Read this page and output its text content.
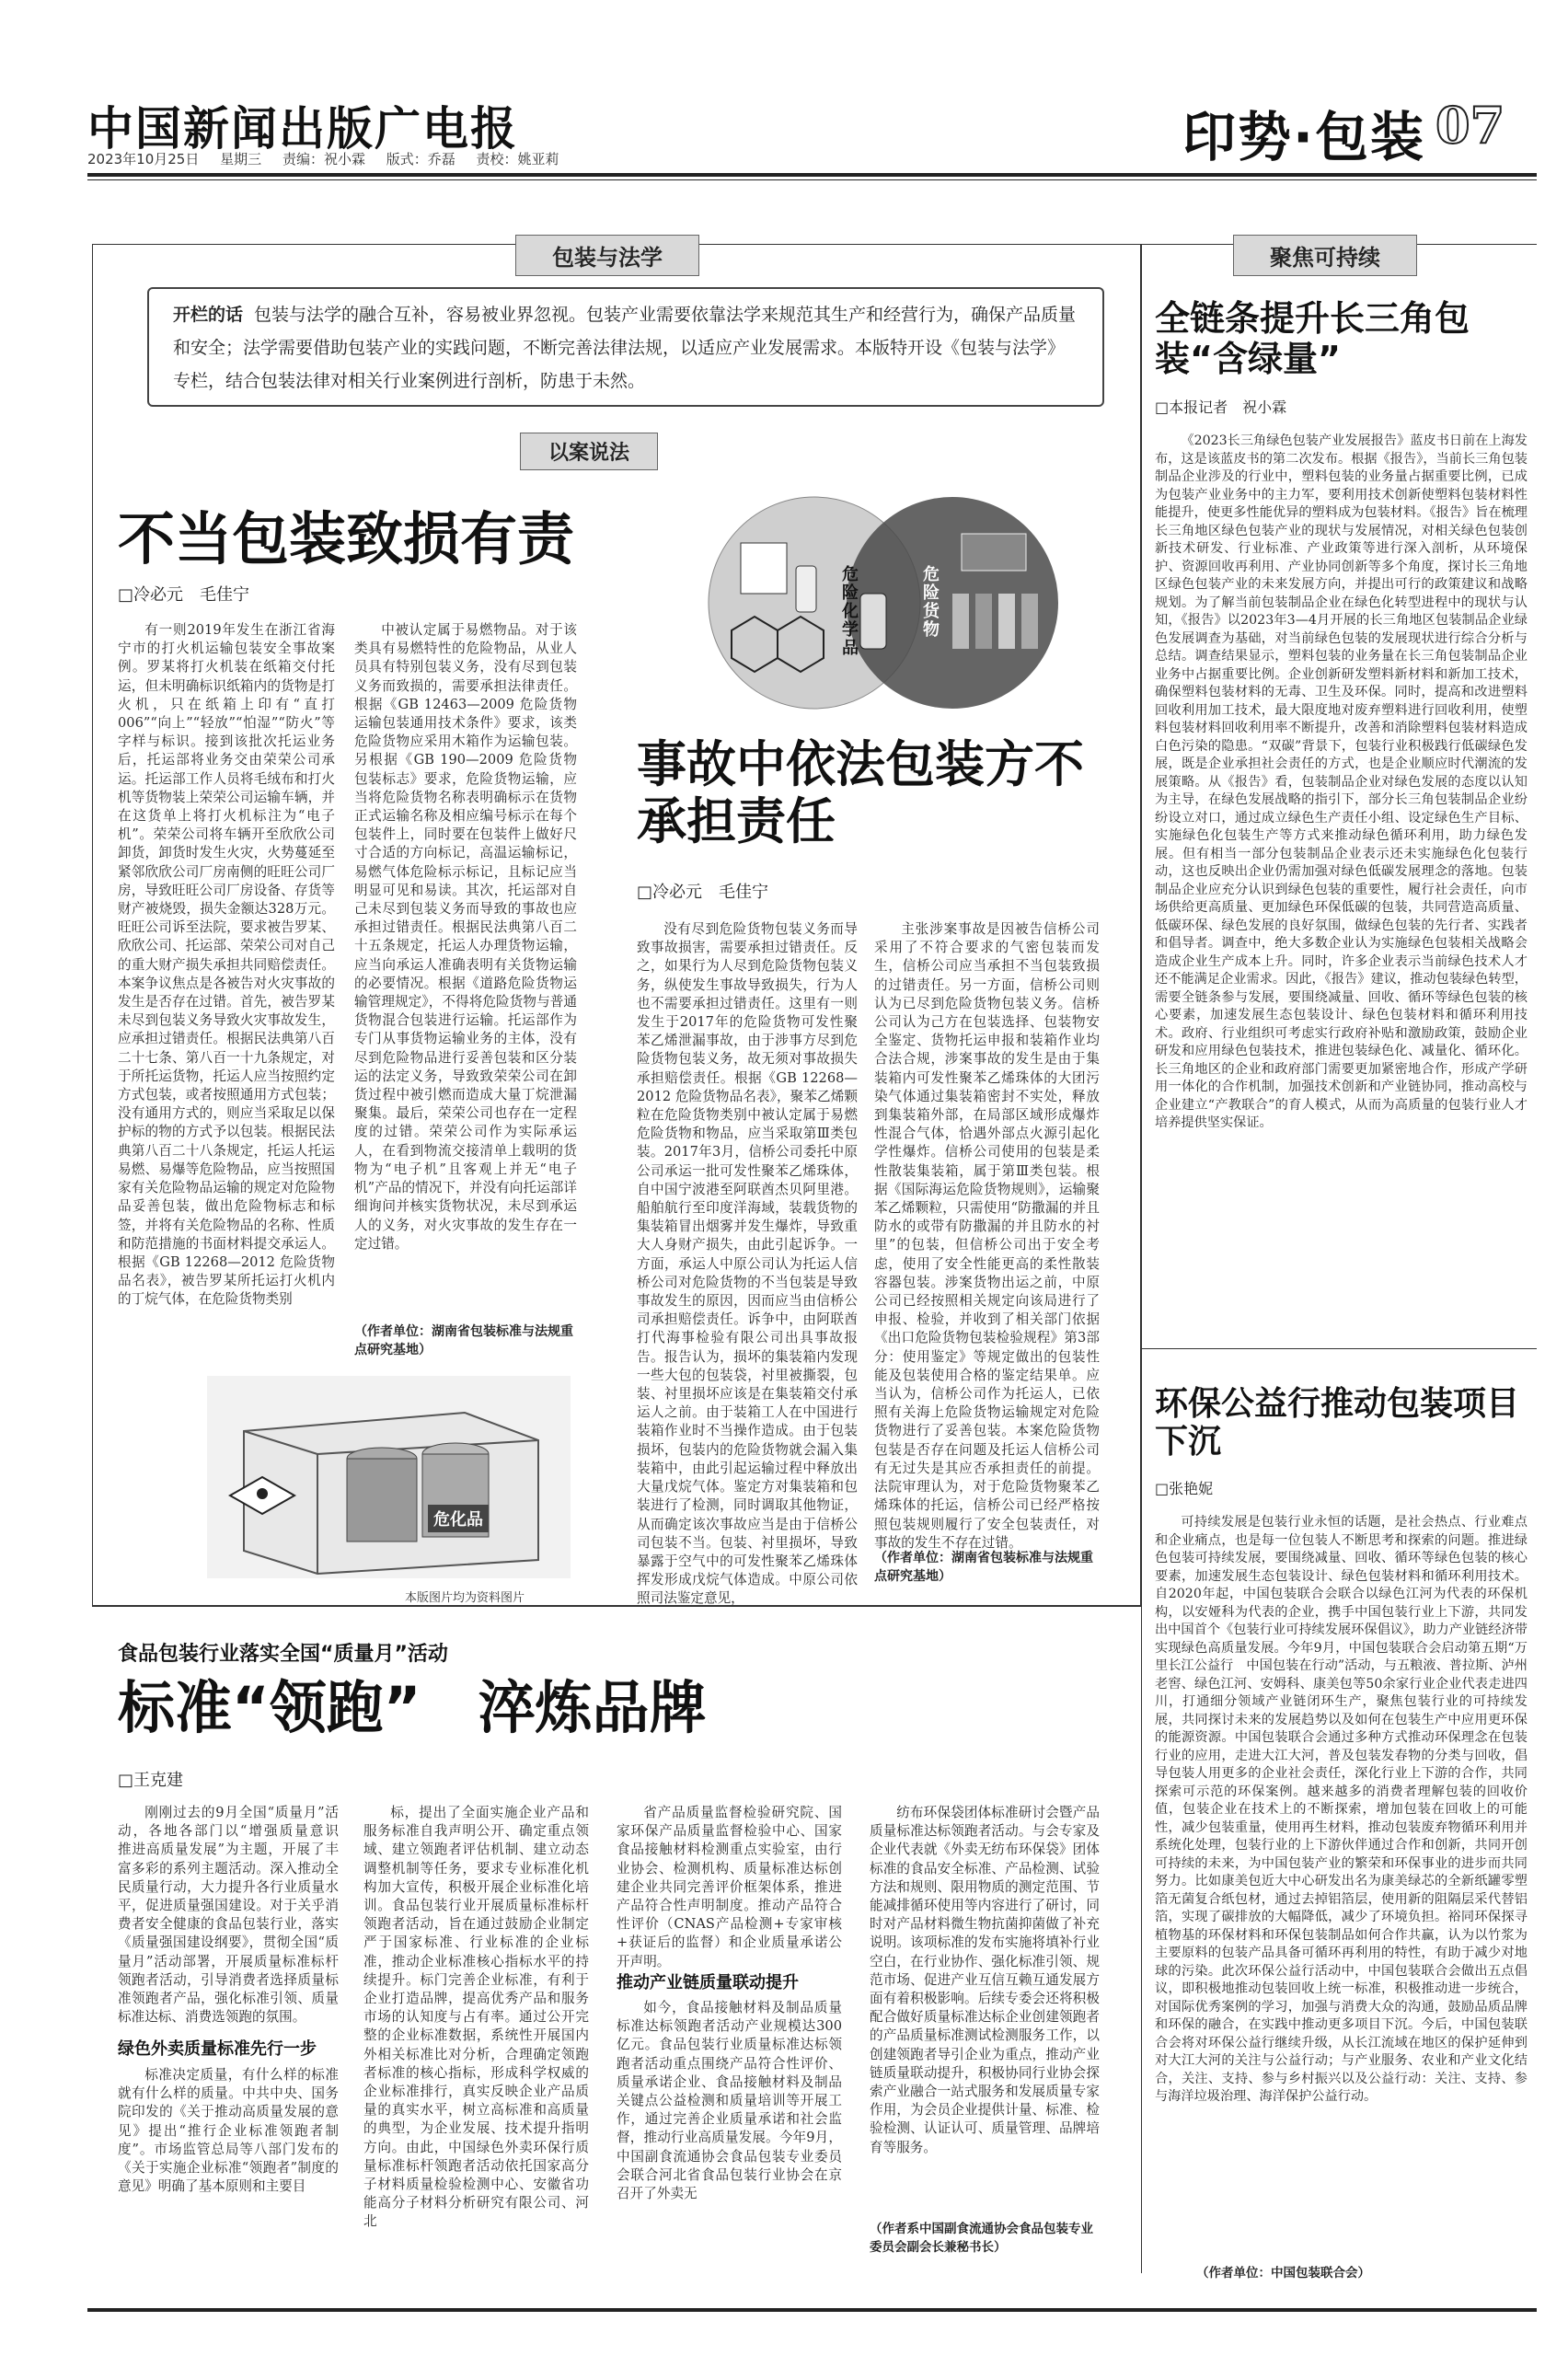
中国新闻出版广电报
2023年10月25日 星期三 责编：祝小霖 版式：乔磊 责校：姚亚莉	印势·包装 07
包装与法学
开栏的话 包装与法学的融合互补，容易被业界忽视。包装产业需要依靠法学来规范其生产和经营行为，确保产品质量和安全；法学需要借助包装产业的实践问题，不断完善法律法规，以适应产业发展需求。本版特开设《包装与法学》专栏，结合包装法律对相关行业案例进行剖析，防患于未然。
以案说法
不当包装致损有责
□冷必元　毛佳宁

有一则2019年发生在浙江省海宁市的打火机运输包装安全事故案例。罗某将打火机装在纸箱交付托运，但未明确标识纸箱内的货物是打火机，只在纸箱上印有“直打006”“向上”“轻放”“怕湿”“防火”等字样与标识。接到该批次托运业务后，托运部将业务交由荣荣公司承运。托运部工作人员将毛绒布和打火机等货物装上荣荣公司运输车辆，并在这货单上将打火机标注为“电子机”。荣荣公司将车辆开至欣欣公司卸货，卸货时发生火灾，火势蔓延至紧邻欣欣公司厂房南侧的旺旺公司厂房，导致旺旺公司厂房设备、存货等财产被烧毁，损失金额达328万元。旺旺公司诉至法院，要求被告罗某、欣欣公司、托运部、荣荣公司对自己的重大财产损失承担共同赔偿责任。本案争议焦点是各被告对火灾事故的发生是否存在过错。首先，被告罗某未尽到包装义务导致火灾事故发生，应承担过错责任。根据民法典第八百二十七条、第八百一十九条规定，对于所托运货物，托运人应当按照约定方式包装，或者按照通用方式包装；没有通用方式的，则应当采取足以保护标的物的方式予以包装。根据民法典第八百二十八条规定，托运人托运易燃、易爆等危险物品，应当按照国家有关危险物品运输的规定对危险物品妥善包装，做出危险物标志和标签，并将有关危险物品的名称、性质和防范措施的书面材料提交承运人。根据《GB 12268—2012 危险货物品名表》，被告罗某所托运打火机内的丁烷气体，在危险货物类别

中被认定属于易燃物品。对于该类具有易燃特性的危险物品，从业人员具有特别包装义务，没有尽到包装义务而致损的，需要承担法律责任。根据《GB 12463—2009 危险货物运输包装通用技术条件》要求，该类危险货物应采用木箱作为运输包装。另根据《GB 190—2009 危险货物包装标志》要求，危险货物运输，应当将危险货物名称表明确标示在货物正式运输名称及相应编号标示在每个包装件上，同时要在包装件上做好尺寸合适的方向标记，高温运输标记，易燃气体危险标示标记，且标记应当明显可见和易读。其次，托运部对自己未尽到包装义务而导致的事故也应承担过错责任。根据民法典第八百二十五条规定，托运人办理货物运输，应当向承运人准确表明有关货物运输的必要情况。根据《道路危险货物运输管理规定》，不得将危险货物与普通货物混合包装进行运输。托运部作为专门从事货物运输业务的主体，没有尽到危险物品进行妥善包装和区分装运的法定义务，导致致荣荣公司在卸货过程中被引燃而造成大量丁烷泄漏聚集。最后，荣荣公司也存在一定程度的过错。荣荣公司作为实际承运人，在看到物流交接清单上载明的货物为“电子机”且客观上并无“电子机”产品的情况下，并没有向托运部详细询问并核实货物状况，未尽到承运人的义务，对火灾事故的发生存在一定过错。

（作者单位：湖南省包装标准与法规重点研究基地）
危险化学品
危险货物
事故中依法包装方不承担责任
□冷必元　毛佳宁

没有尽到危险货物包装义务而导致事故损害，需要承担过错责任。反之，如果行为人尽到危险货物包装义务，纵使发生事故导致损失，行为人也不需要承担过错责任。这里有一则发生于2017年的危险货物可发性聚苯乙烯泄漏事故，由于涉事方尽到危险货物包装义务，故无须对事故损失承担赔偿责任。根据《GB 12268—2012 危险货物品名表》，聚苯乙烯颗粒在危险货物类别中被认定属于易燃危险货物和物品，应当采取第Ⅲ类包装。2017年3月，信桥公司委托中原公司承运一批可发性聚苯乙烯珠体，自中国宁波港至阿联酋杰贝阿里港。船舶航行至印度洋海域，装载货物的集装箱冒出烟雾并发生爆炸，导致重大人身财产损失，由此引起诉争。一方面，承运人中原公司认为托运人信桥公司对危险货物的不当包装是导致事故发生的原因，因而应当由信桥公司承担赔偿责任。诉争中，由阿联酋打代海事检验有限公司出具事故报告。报告认为，损坏的集装箱内发现一些大包的包装袋，衬里被撕裂，包装、衬里损坏应该是在集装箱交付承运人之前。由于装箱工人在中国进行装箱作业时不当操作造成。由于包装损坏，包装内的危险货物就会漏入集装箱中，由此引起运输过程中释放出大量戊烷气体。鉴定方对集装箱和包装进行了检测，同时调取其他物证，从而确定该次事故应当是由于信桥公司包装不当。包装、衬里损坏，导致暴露于空气中的可发性聚苯乙烯珠体挥发形成戊烷气体造成。中原公司依照司法鉴定意见，

主张涉案事故是因被告信桥公司采用了不符合要求的气密包装而发生，信桥公司应当承担不当包装致损的过错责任。另一方面，信桥公司则认为已尽到危险货物包装义务。信桥公司认为己方在包装选择、包装物安全鉴定、货物托运申报和装箱作业均合法合规，涉案事故的发生是由于集装箱内可发性聚苯乙烯珠体的大团污染气体通过集装箱密封不实处，释放到集装箱外部，在局部区域形成爆炸性混合气体，恰遇外部点火源引起化学性爆炸。信桥公司使用的包装是柔性散装集装箱，属于第Ⅲ类包装。根据《国际海运危险货物规则》，运输聚苯乙烯颗粒，只需使用“防撒漏的并且防水的或带有防撒漏的并且防水的衬里”的包装，但信桥公司出于安全考虑，使用了安全性能更高的柔性散装容器包装。涉案货物出运之前，中原公司已经按照相关规定向该局进行了申报、检验，并收到了相关部门依据《出口危险货物包装检验规程》第3部分：使用鉴定》等规定做出的包装性能及包装使用合格的鉴定结果单。应当认为，信桥公司作为托运人，已依照有关海上危险货物运输规定对危险货物进行了妥善包装。本案危险货物包装是否存在问题及托运人信桥公司有无过失是其应否承担责任的前提。法院审理认为，对于危险货物聚苯乙烯珠体的托运，信桥公司已经严格按照包装规则履行了安全包装责任，对事故的发生不存在过错。

（作者单位：湖南省包装标准与法规重点研究基地）
危化品
本版图片均为资料图片
聚焦可持续
全链条提升长三角包装“含绿量”
□本报记者　祝小霖

《2023长三角绿色包装产业发展报告》蓝皮书日前在上海发布，这是该蓝皮书的第二次发布。根据《报告》，当前长三角包装制品企业涉及的行业中，塑料包装的业务量占据重要比例，已成为包装产业业务中的主力军，要利用技术创新使塑料包装材料性能提升，使更多性能优异的塑料成为包装材料。《报告》旨在梳理长三角地区绿色包装产业的现状与发展情况，对相关绿色包装创新技术研发、行业标准、产业政策等进行深入剖析，从环境保护、资源回收再利用、产业协同创新等多个角度，探讨长三角地区绿色包装产业的未来发展方向，并提出可行的政策建议和战略规划。为了解当前包装制品企业在绿色化转型进程中的现状与认知，《报告》以2023年3—4月开展的长三角地区包装制品企业绿色发展调查为基础，对当前绿色包装的发展现状进行综合分析与总结。调查结果显示，塑料包装的业务量在长三角包装制品企业业务中占据重要比例。企业创新研发塑料新材料和新加工技术，确保塑料包装材料的无毒、卫生及环保。同时，提高和改进塑料回收利用加工技术，最大限度地对废弃塑料进行回收利用，使塑料包装材料回收利用率不断提升，改善和消除塑料包装材料造成白色污染的隐患。“双碳”背景下，包装行业积极践行低碳绿色发展，既是企业承担社会责任的方式，也是企业顺应时代潮流的发展策略。从《报告》看，包装制品企业对绿色发展的态度以认知为主导，在绿色发展战略的指引下，部分长三角包装制品企业纷纷设立对口，通过成立绿色生产责任小组、设定绿色生产目标、实施绿色化包装生产等方式来推动绿色循环利用，助力绿色发展。但有相当一部分包装制品企业表示还未实施绿色化包装行动，这也反映出企业仍需加强对绿色低碳发展理念的落地。包装制品企业应充分认识到绿色包装的重要性，履行社会责任，向市场供给更高质量、更加绿色环保低碳的包装，共同营造高质量、低碳环保、绿色发展的良好氛围，做绿色包装的先行者、实践者和倡导者。调查中，绝大多数企业认为实施绿色包装相关战略会造成企业生产成本上升。同时，许多企业表示当前绿色技术人才还不能满足企业需求。因此，《报告》建议，推动包装绿色转型，需要全链条参与发展，要围绕减量、回收、循环等绿色包装的核心要素，加速发展生态包装设计、绿色包装材料和循环利用技术。政府、行业组织可考虑实行政府补贴和激励政策，鼓励企业研发和应用绿色包装技术，推进包装绿色化、减量化、循环化。长三角地区的企业和政府部门需要更加紧密地合作，形成产学研用一体化的合作机制，加强技术创新和产业链协同，推动高校与企业建立“产教联合”的育人模式，从而为高质量的包装行业人才培养提供坚实保证。

环保公益行推动包装项目下沉
□张艳妮

可持续发展是包装行业永恒的话题，是社会热点、行业难点和企业痛点，也是每一位包装人不断思考和探索的问题。推进绿色包装可持续发展，要围绕减量、回收、循环等绿色包装的核心要素，加速发展生态包装设计、绿色包装材料和循环利用技术。自2020年起，中国包装联合会联合以绿色江河为代表的环保机构，以安娅科为代表的企业，携手中国包装行业上下游，共同发出中国首个《包装行业可持续发展环保倡议》，助力产业链经济带实现绿色高质量发展。今年9月，中国包装联合会启动第五期“万里长江公益行　中国包装在行动”活动，与五粮液、普拉斯、泸州老窖、绿色江河、安姆科、康美包等50余家行业企业代表走进四川，打通细分领域产业链闭环生产，聚焦包装行业的可持续发展，共同探讨未来的发展趋势以及如何在包装生产中应用更环保的能源资源。中国包装联合会通过多种方式推动环保理念在包装行业的应用，走进大江大河，普及包装发春物的分类与回收，倡导包装人用更多的企业社会责任，深化行业上下游的合作，共同探索可示范的环保案例。越来越多的消费者理解包装的回收价值，包装企业在技术上的不断探索，增加包装在回收上的可能性，减少包装重量，使用再生材料，推动包装废弃物循环利用并系统化处理，包装行业的上下游伙伴通过合作和创新，共同开创可持续的未来，为中国包装产业的繁荣和环保事业的进步而共同努力。比如康美包近大中心研发出名为康美绿芯的全新纸罐零塑箔无菌复合纸包材，通过去掉铝箔层，使用新的阻隔层采代替铝箔，实现了碳排放的大幅降低，减少了环境负担。裕同环保探寻植物基的环保材料和环保包装制品如何合作共赢，认为以竹浆为主要原料的包装产品具备可循环再利用的特性，有助于减少对地球的污染。此次环保公益行活动中，中国包装联合会做出五点倡议，即积极地推动包装回收上统一标准，积极推动进一步统合，对国际优秀案例的学习，加强与消费大众的沟通，鼓励品质品牌和环保的融合，在实践中推动更多项目下沉。今后，中国包装联合会将对环保公益行继续升级，从长江流域在地区的保护延伸到对大江大河的关注与公益行动；与产业服务、农业和产业文化结合，关注、支持、参与乡村振兴以及公益行动：关注、支持、参与海洋垃圾治理、海洋保护公益行动。

（作者单位：中国包装联合会）
食品包装行业落实全国“质量月”活动
标准“领跑”　淬炼品牌
□王克建

刚刚过去的9月全国“质量月”活动，各地各部门以“增强质量意识　推进高质量发展”为主题，开展了丰富多彩的系列主题活动。深入推动全民质量行动，大力提升各行业质量水平，促进质量强国建设。对于关乎消费者安全健康的食品包装行业，落实《质量强国建设纲要》，贯彻全国“质量月”活动部署，开展质量标准标杆领跑者活动，引导消费者选择质量标准领跑者产品，强化标准引领、质量标准达标、消费选领跑的氛围。

绿色外卖质量标准先行一步

标准决定质量，有什么样的标准就有什么样的质量。中共中央、国务院印发的《关于推动高质量发展的意见》提出“推行企业标准领跑者制度”。市场监管总局等八部门发布的《关于实施企业标准“领跑者”制度的意见》明确了基本原则和主要目

标，提出了全面实施企业产品和服务标准自我声明公开、确定重点领域、建立领跑者评估机制、建立动态调整机制等任务，要求专业标准化机构加大宣传，积极开展企业标准化培训。食品包装行业开展质量标准标杆领跑者活动，旨在通过鼓励企业制定严于国家标准、行业标准的企业标准，推动企业标准核心指标水平的持续提升。标门完善企业标准，有利于企业打造品牌，提高优秀产品和服务市场的认知度与占有率。通过公开完整的企业标准数据，系统性开展国内外相关标准比对分析，合理确定领跑者标准的核心指标，形成科学权威的企业标准排行，真实反映企业产品质量的真实水平，树立高标准和高质量的典型，为企业发展、技术提升指明方向。由此，中国绿色外卖环保行质量标准标杆领跑者活动依托国家高分子材料质量检验检测中心、安徽省功能高分子材料分析研究有限公司、河北

省产品质量监督检验研究院、国家环保产品质量监督检验中心、国家食品接触材料检测重点实验室，由行业协会、检测机构、质量标准达标创建企业共同完善评价框架体系，推进产品符合性声明制度。推动产品符合性评价（CNAS产品检测+专家审核+获证后的监督）和企业质量承诺公开声明。

推动产业链质量联动提升

如今，食品接触材料及制品质量标准达标领跑者活动产业规模达300亿元。食品包装行业质量标准达标领跑者活动重点围绕产品符合性评价、质量承诺企业、食品接触材料及制品关键点公益检测和质量培训等开展工作，通过完善企业质量承诺和社会监督，推动行业高质量发展。今年9月，中国副食流通协会食品包装专业委员会联合河北省食品包装行业协会在京召开了外卖无

纺布环保袋团体标准研讨会暨产品质量标准达标领跑者活动。与会专家及企业代表就《外卖无纺布环保袋》团体标准的食品安全标准、产品检测、试验方法和规则、限用物质的测定范围、节能减排循环使用等内容进行了研讨，同时对产品材料微生物抗菌抑菌做了补充说明。该项标准的发布实施将填补行业空白，在行业协作、强化标准引领、规范市场、促进产业互信互赖互通发展方面有着积极影响。后续专委会还将积极配合做好质量标准达标企业创建领跑者的产品质量标准测试检测服务工作，以创建领跑者导引企业为重点，推动产业链质量联动提升，积极协同行业协会探索产业融合一站式服务和发展质量专家作用，为会员企业提供计量、标准、检验检测、认证认可、质量管理、品牌培育等服务。

（作者系中国副食流通协会食品包装专业委员会副会长兼秘书长）
